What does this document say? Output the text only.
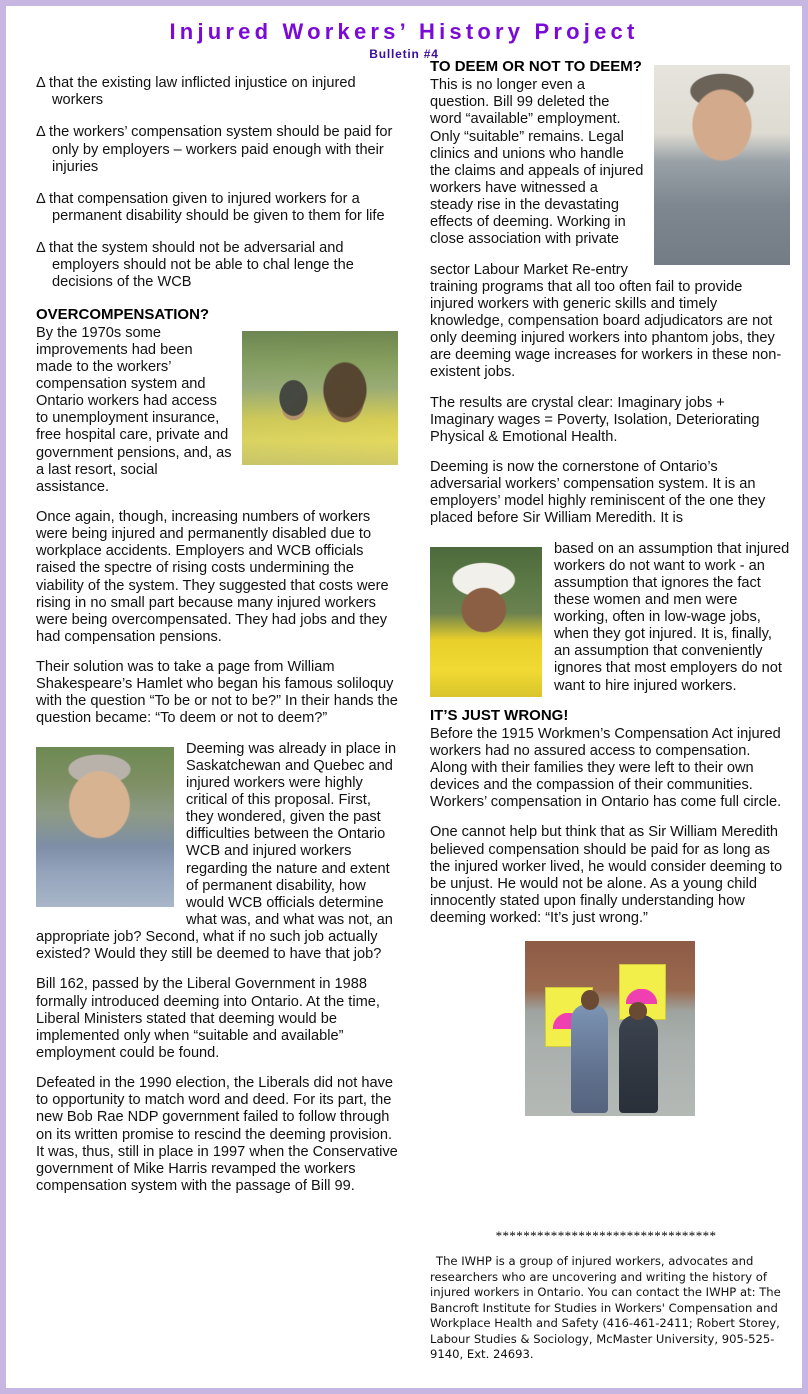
Injured Workers’ History Project
Bulletin #4

Δ that the existing law inflicted injustice on injured workers

Δ the workers’ compensation system should be paid for only by employers – workers paid enough with their injuries

Δ that compensation given to injured workers for a permanent disability should be given to them for life

Δ that the system should not be adversarial and employers should not be able to chal lenge the decisions of the WCB

OVERCOMPENSATION?

By the 1970s some improvements had been made to the workers’ compensation system and Ontario workers had access to unemployment insurance, free hospital care, private and government pensions, and, as a last resort, social assistance.

Once again, though, increasing numbers of workers were being injured and permanently disabled due to workplace accidents. Employers and WCB officials raised the spectre of rising costs undermining the viability of the system. They suggested that costs were rising in no small part because many injured workers were being overcompensated. They had jobs and they had compensation pensions.

Their solution was to take a page from William Shakespeare’s Hamlet who began his famous soliloquy with the question “To be or not to be?” In their hands the question became: “To deem or not to deem?”

Deeming was already in place in Saskatchewan and Quebec and injured workers were highly critical of this proposal. First, they wondered, given the past difficulties between the Ontario WCB and injured workers regarding the nature and extent of permanent disability, how would WCB officials determine what was, and what was not, an appropriate job? Second, what if no such job actually existed? Would they still be deemed to have that job?

Bill 162, passed by the Liberal Government in 1988 formally introduced deeming into Ontario. At the time, Liberal Ministers stated that deeming would be implemented only when “suitable and available” employment could be found.

Defeated in the 1990 election, the Liberals did not have to opportunity to match word and deed. For its part, the new Bob Rae NDP government failed to follow through on its written promise to rescind the deeming provision. It was, thus, still in place in 1997 when the Conservative government of Mike Harris revamped the workers compensation system with the passage of Bill 99.

TO DEEM OR NOT TO DEEM?

This is no longer even a question. Bill 99 deleted the word “available” employment. Only “suitable” remains. Legal clinics and unions who handle the claims and appeals of injured workers have witnessed a steady rise in the devastating effects of deeming. Working in close association with private

sector Labour Market Re-entry training programs that all too often fail to provide injured workers with generic skills and timely knowledge, compensation board adjudicators are not only deeming injured workers into phantom jobs, they are deeming wage increases for workers in these non-existent jobs.

The results are crystal clear: Imaginary jobs + Imaginary wages = Poverty, Isolation, Deteriorating Physical & Emotional Health.

Deeming is now the cornerstone of Ontario’s adversarial workers’ compensation system. It is an employers’ model highly reminiscent of the one they placed before Sir William Meredith. It is

based on an assumption that injured workers do not want to work - an assumption that ignores the fact these women and men were working, often in low-wage jobs, when they got injured. It is, finally, an assumption that conveniently ignores that most employers do not want to hire injured workers.

IT’S JUST WRONG!

Before the 1915 Workmen’s Compensation Act injured workers had no assured access to compensation. Along with their families they were left to their own devices and the compassion of their communities. Workers’ compensation in Ontario has come full circle.

One cannot help but think that as Sir William Meredith believed compensation should be paid for as long as the injured worker lived, he would consider deeming to be unjust. He would not be alone. As a young child innocently stated upon finally understanding how deeming worked: “It’s just wrong.”

********************************
The IWHP is a group of injured workers, advocates and researchers who are uncovering and writing the history of injured workers in Ontario. You can contact the IWHP at: The Bancroft Institute for Studies in Workers' Compensation and Workplace Health and Safety (416-461-2411; Robert Storey, Labour Studies & Sociology, McMaster University, 905-525-9140, Ext. 24693.
